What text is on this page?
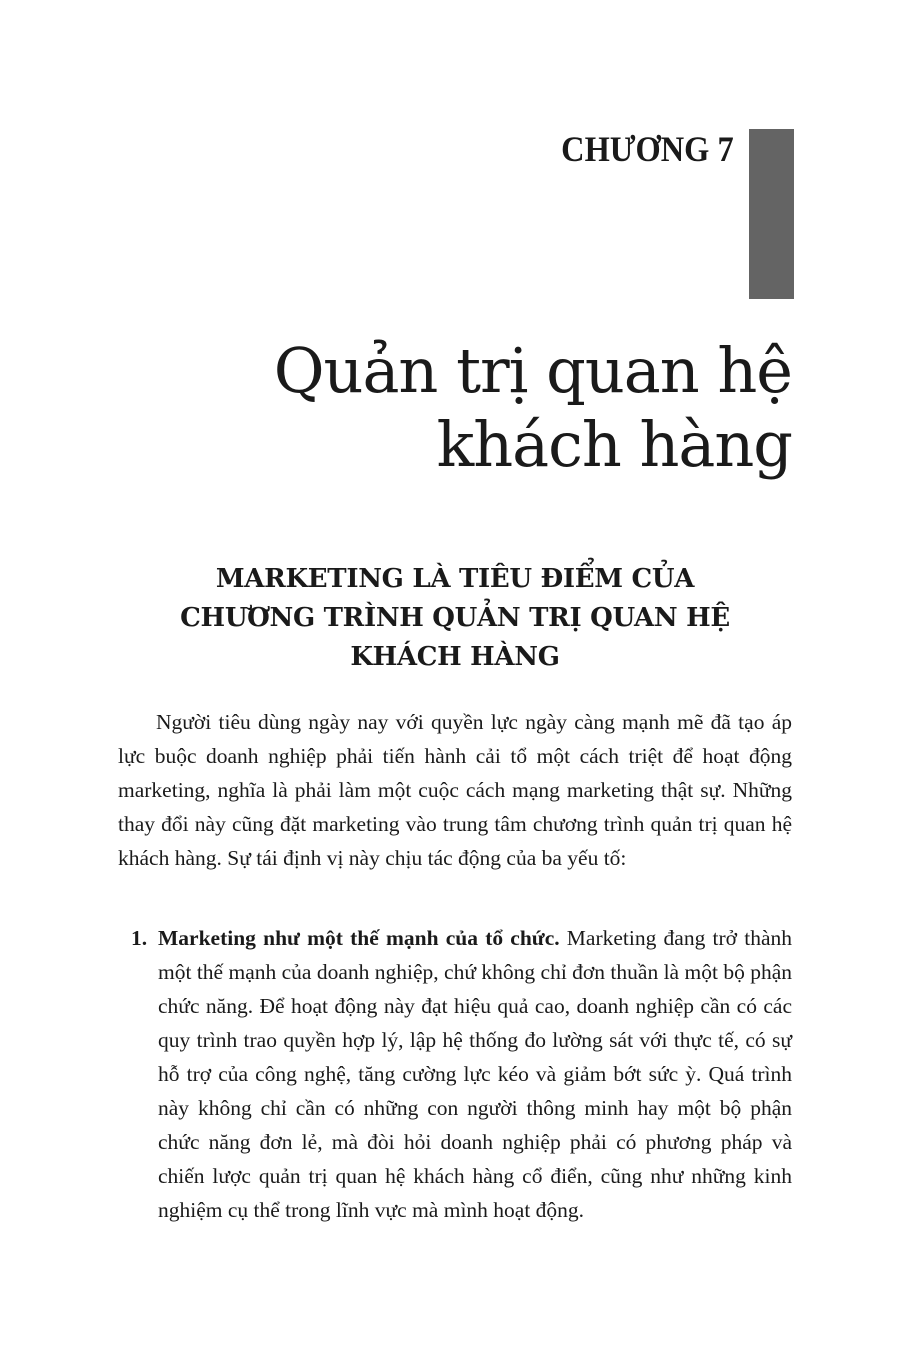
CHƯƠNG 7
Quản trị quan hệ
khách hàng
MARKETING LÀ TIÊU ĐIỂM CỦA
CHƯƠNG TRÌNH QUẢN TRỊ QUAN HỆ
KHÁCH HÀNG

Người tiêu dùng ngày nay với quyền lực ngày càng mạnh mẽ đã tạo áp lực buộc doanh nghiệp phải tiến hành cải tổ một cách triệt để hoạt động marketing, nghĩa là phải làm một cuộc cách mạng marketing thật sự. Những thay đổi này cũng đặt marketing vào trung tâm chương trình quản trị quan hệ khách hàng. Sự tái định vị này chịu tác động của ba yếu tố:

1. Marketing như một thế mạnh của tổ chức. Marketing đang trở thành một thế mạnh của doanh nghiệp, chứ không chỉ đơn thuần là một bộ phận chức năng. Để hoạt động này đạt hiệu quả cao, doanh nghiệp cần có các quy trình trao quyền hợp lý, lập hệ thống đo lường sát với thực tế, có sự hỗ trợ của công nghệ, tăng cường lực kéo và giảm bớt sức ỳ. Quá trình này không chỉ cần có những con người thông minh hay một bộ phận chức năng đơn lẻ, mà đòi hỏi doanh nghiệp phải có phương pháp và chiến lược quản trị quan hệ khách hàng cổ điển, cũng như những kinh nghiệm cụ thể trong lĩnh vực mà mình hoạt động.
